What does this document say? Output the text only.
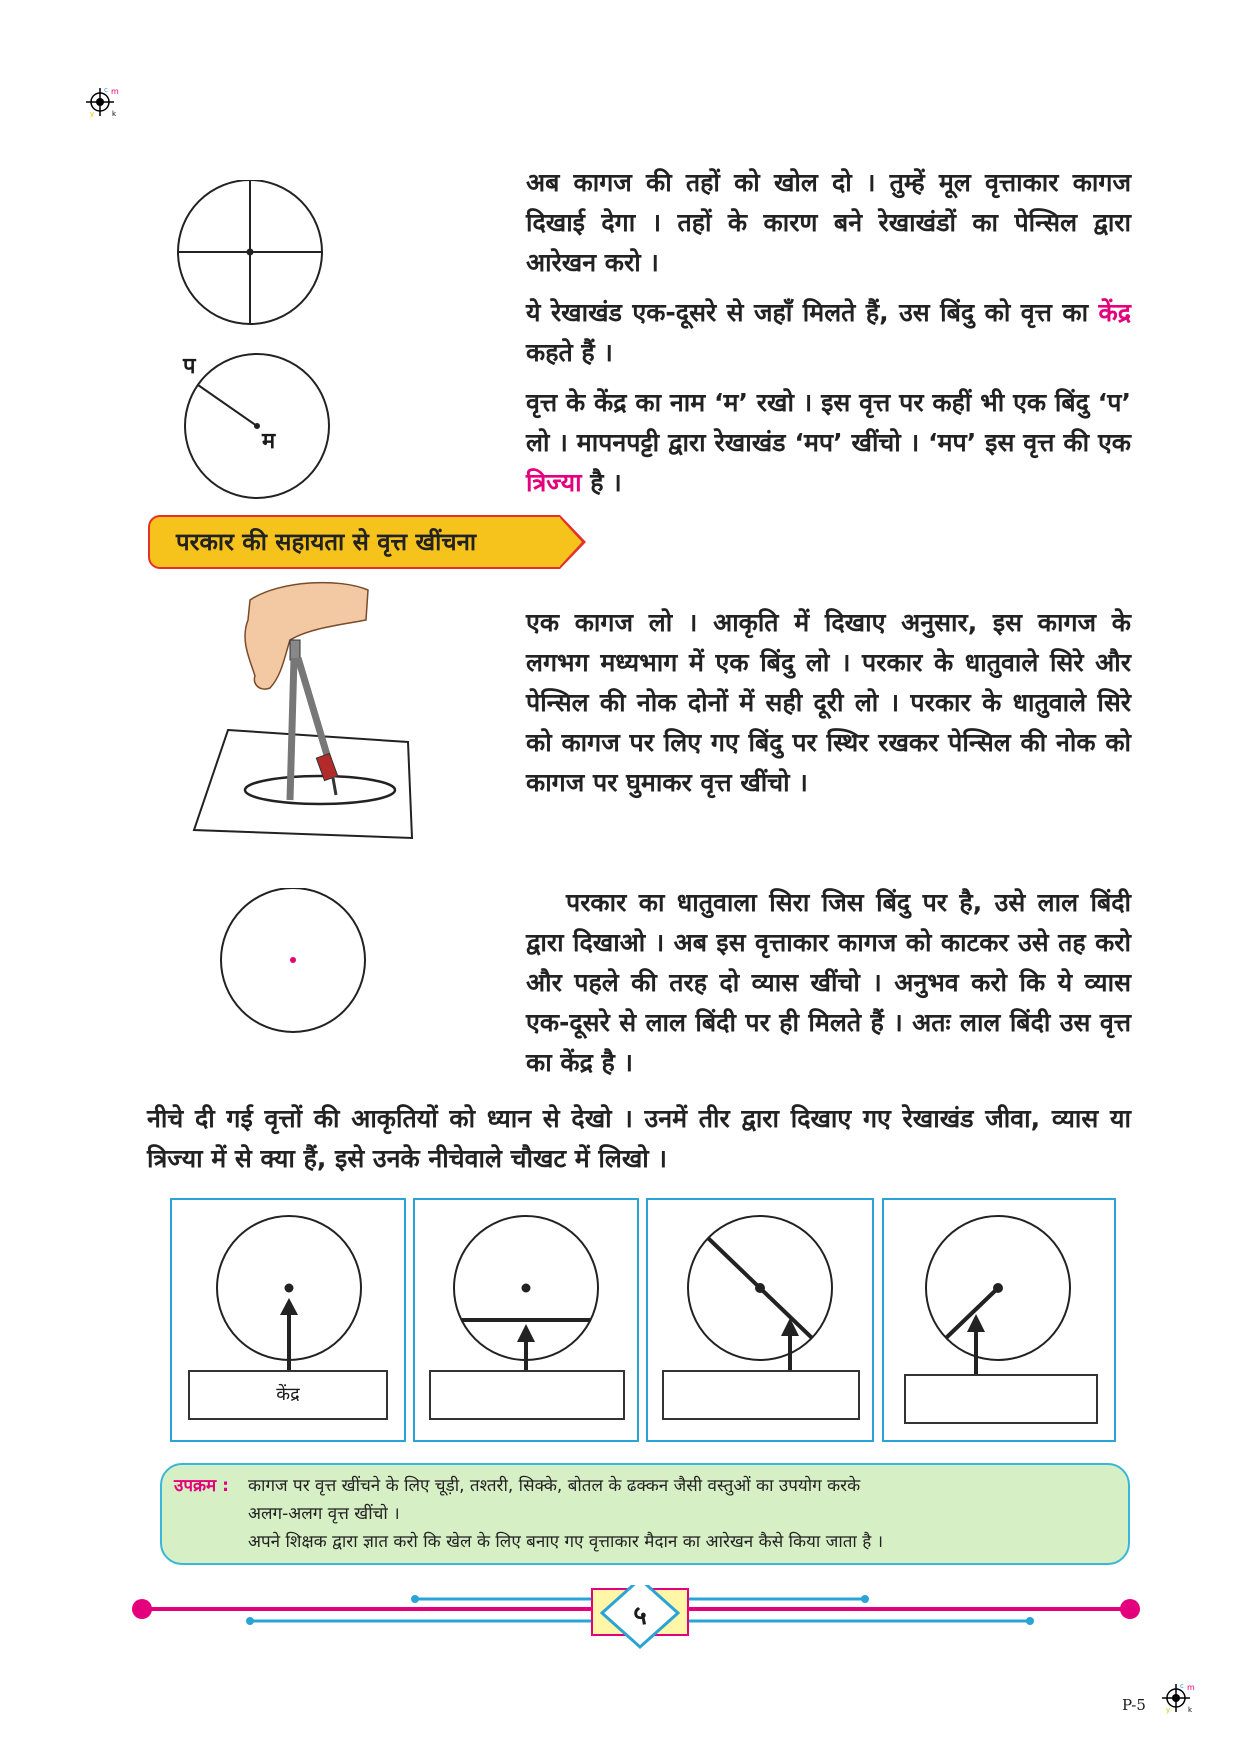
m
c
k
y
प
म
अब कागज की तहों को खोल दो । तुम्हें मूल वृत्ताकार कागज दिखाई देगा । तहों के कारण बने रेखाखंडों का पेन्सिल द्वारा आरेखन करो ।
ये रेखाखंड एक-दूसरे से जहाँ मिलते हैं, उस बिंदु को वृत्त का केंद्र कहते हैं ।
वृत्त के केंद्र का नाम ‘म’ रखो । इस वृत्त पर कहीं भी एक बिंदु ‘प’ लो । मापनपट्टी द्वारा रेखाखंड ‘मप’ खींचो । ‘मप’ इस वृत्त की एक त्रिज्या है ।
परकार की सहायता से वृत्त खींचना
एक कागज लो । आकृति में दिखाए अनुसार, इस कागज के लगभग मध्यभाग में एक बिंदु लो । परकार के धातुवाले सिरे और पेन्सिल की नोक दोनों में सही दूरी लो । परकार के धातुवाले सिरे को कागज पर लिए गए बिंदु पर स्थिर रखकर पेन्सिल की नोक को कागज पर घुमाकर वृत्त खींचो ।
परकार का धातुवाला सिरा जिस बिंदु पर है, उसे लाल बिंदी द्वारा दिखाओ । अब इस वृत्ताकार कागज को काटकर उसे तह करो और पहले की तरह दो व्यास खींचो । अनुभव करो कि ये व्यास एक-दूसरे से लाल बिंदी पर ही मिलते हैं । अतः लाल बिंदी उस वृत्त का केंद्र है ।
नीचे दी गई वृत्तों की आकृतियों को ध्यान से देखो । उनमें तीर द्वारा दिखाए गए रेखाखंड जीवा, व्यास या त्रिज्या में से क्या हैं, इसे उनके नीचेवाले चौखट में लिखो ।
केंद्र
उपक्रम : कागज पर वृत्त खींचने के लिए चूड़ी, तश्तरी, सिक्के, बोतल के ढक्कन जैसी वस्तुओं का उपयोग करके
अलग-अलग वृत्त खींचो ।
अपने शिक्षक द्वारा ज्ञात करो कि खेल के लिए बनाए गए वृत्ताकार मैदान का आरेखन कैसे किया जाता है ।
५
P-5
m
c
k
y
